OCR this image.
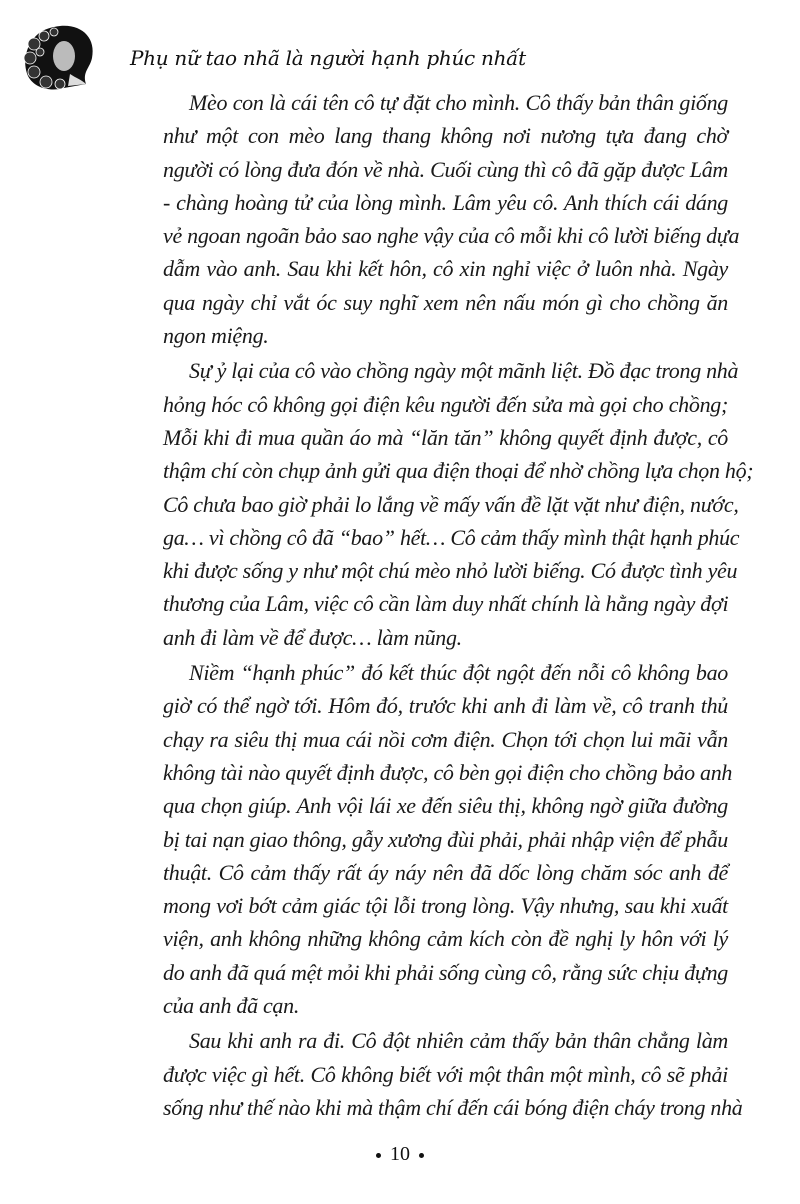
Phụ nữ tao nhã là người hạnh phúc nhất
Mèo con là cái tên cô tự đặt cho mình. Cô thấy bản thân giống
như một con mèo lang thang không nơi nương tựa đang chờ
người có lòng đưa đón về nhà. Cuối cùng thì cô đã gặp được Lâm
- chàng hoàng tử của lòng mình. Lâm yêu cô. Anh thích cái dáng
vẻ ngoan ngoãn bảo sao nghe vậy của cô mỗi khi cô lười biếng dựa
dẫm vào anh. Sau khi kết hôn, cô xin nghỉ việc ở luôn nhà. Ngày
qua ngày chỉ vắt óc suy nghĩ xem nên nấu món gì cho chồng ăn
ngon miệng.
Sự ỷ lại của cô vào chồng ngày một mãnh liệt. Đồ đạc trong nhà
hỏng hóc cô không gọi điện kêu người đến sửa mà gọi cho chồng;
Mỗi khi đi mua quần áo mà “lăn tăn” không quyết định được, cô
thậm chí còn chụp ảnh gửi qua điện thoại để nhờ chồng lựa chọn hộ;
Cô chưa bao giờ phải lo lắng về mấy vấn đề lặt vặt như điện, nước,
ga… vì chồng cô đã “bao” hết… Cô cảm thấy mình thật hạnh phúc
khi được sống y như một chú mèo nhỏ lười biếng. Có được tình yêu
thương của Lâm, việc cô cần làm duy nhất chính là hằng ngày đợi
anh đi làm về để được… làm nũng.
Niềm “hạnh phúc” đó kết thúc đột ngột đến nỗi cô không bao
giờ có thể ngờ tới. Hôm đó, trước khi anh đi làm về, cô tranh thủ
chạy ra siêu thị mua cái nồi cơm điện. Chọn tới chọn lui mãi vẫn
không tài nào quyết định được, cô bèn gọi điện cho chồng bảo anh
qua chọn giúp. Anh vội lái xe đến siêu thị, không ngờ giữa đường
bị tai nạn giao thông, gẫy xương đùi phải, phải nhập viện để phẫu
thuật. Cô cảm thấy rất áy náy nên đã dốc lòng chăm sóc anh để
mong vơi bớt cảm giác tội lỗi trong lòng. Vậy nhưng, sau khi xuất
viện, anh không những không cảm kích còn đề nghị ly hôn với lý
do anh đã quá mệt mỏi khi phải sống cùng cô, rằng sức chịu đựng
của anh đã cạn.
Sau khi anh ra đi. Cô đột nhiên cảm thấy bản thân chẳng làm
được việc gì hết. Cô không biết với một thân một mình, cô sẽ phải
sống như thế nào khi mà thậm chí đến cái bóng điện cháy trong nhà
10
